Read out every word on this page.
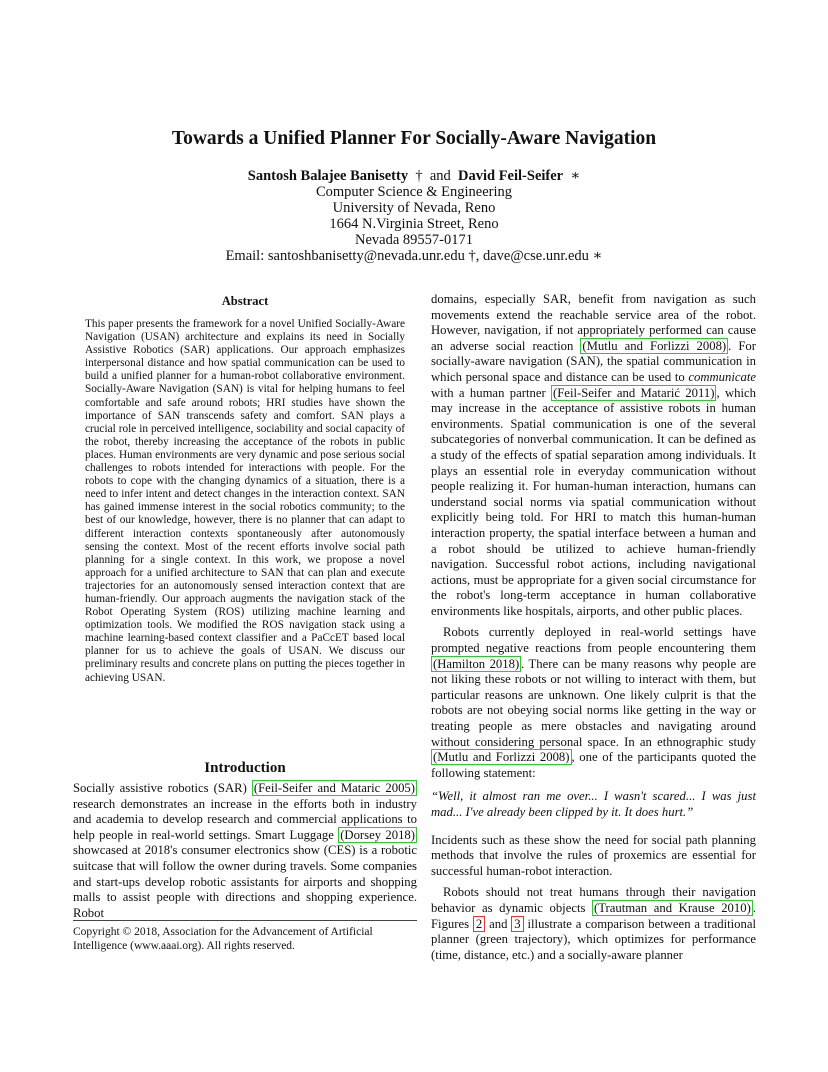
Towards a Unified Planner For Socially-Aware Navigation
Santosh Balajee Banisetty  †  and  David Feil-Seifer  ∗
Computer Science & Engineering
University of Nevada, Reno
1664 N.Virginia Street, Reno
Nevada 89557-0171
Email: santoshbanisetty@nevada.unr.edu †, dave@cse.unr.edu ∗
Abstract
This paper presents the framework for a novel Unified Socially-Aware Navigation (USAN) architecture and explains its need in Socially Assistive Robotics (SAR) applications. Our approach emphasizes interpersonal distance and how spatial communication can be used to build a unified planner for a human-robot collaborative environment. Socially-Aware Navigation (SAN) is vital for helping humans to feel comfortable and safe around robots; HRI studies have shown the importance of SAN transcends safety and comfort. SAN plays a crucial role in perceived intelligence, sociability and social capacity of the robot, thereby increasing the acceptance of the robots in public places. Human environments are very dynamic and pose serious social challenges to robots intended for interactions with people. For the robots to cope with the changing dynamics of a situation, there is a need to infer intent and detect changes in the interaction context. SAN has gained immense interest in the social robotics community; to the best of our knowledge, however, there is no planner that can adapt to different interaction contexts spontaneously after autonomously sensing the context. Most of the recent efforts involve social path planning for a single context. In this work, we propose a novel approach for a unified architecture to SAN that can plan and execute trajectories for an autonomously sensed interaction context that are human-friendly. Our approach augments the navigation stack of the Robot Operating System (ROS) utilizing machine learning and optimization tools. We modified the ROS navigation stack using a machine learning-based context classifier and a PaCcET based local planner for us to achieve the goals of USAN. We discuss our preliminary results and concrete plans on putting the pieces together in achieving USAN.
Introduction
Socially assistive robotics (SAR) (Feil-Seifer and Mataric 2005) research demonstrates an increase in the efforts both in industry and academia to develop research and commercial applications to help people in real-world settings. Smart Luggage (Dorsey 2018) showcased at 2018's consumer electronics show (CES) is a robotic suitcase that will follow the owner during travels. Some companies and start-ups develop robotic assistants for airports and shopping malls to assist people with directions and shopping experience. Robot
Copyright © 2018, Association for the Advancement of Artificial Intelligence (www.aaai.org). All rights reserved.

domains, especially SAR, benefit from navigation as such movements extend the reachable service area of the robot. However, navigation, if not appropriately performed can cause an adverse social reaction (Mutlu and Forlizzi 2008) . For socially-aware navigation (SAN), the spatial communication in which personal space and distance can be used to communicate with a human partner (Feil-Seifer and Matarić 2011) , which may increase in the acceptance of assistive robots in human environments. Spatial communication is one of the several subcategories of nonverbal communication. It can be defined as a study of the effects of spatial separation among individuals. It plays an essential role in everyday communication without people realizing it. For human-human interaction, humans can understand social norms via spatial communication without explicitly being told. For HRI to match this human-human interaction property, the spatial interface between a human and a robot should be utilized to achieve human-friendly navigation. Successful robot actions, including navigational actions, must be appropriate for a given social circumstance for the robot's long-term acceptance in human collaborative environments like hospitals, airports, and other public places.

Robots currently deployed in real-world settings have prompted negative reactions from people encountering them (Hamilton 2018) . There can be many reasons why people are not liking these robots or not willing to interact with them, but particular reasons are unknown. One likely culprit is that the robots are not obeying social norms like getting in the way or treating people as mere obstacles and navigating around without considering personal space. In an ethnographic study (Mutlu and Forlizzi 2008) , one of the participants quoted the following statement:

“Well, it almost ran me over... I wasn't scared... I was just mad... I've already been clipped by it. It does hurt.”

Incidents such as these show the need for social path planning methods that involve the rules of proxemics are essential for successful human-robot interaction.

Robots should not treat humans through their navigation behavior as dynamic objects (Trautman and Krause 2010) . Figures 2 and 3 illustrate a comparison between a traditional planner (green trajectory), which optimizes for performance (time, distance, etc.) and a socially-aware planner
